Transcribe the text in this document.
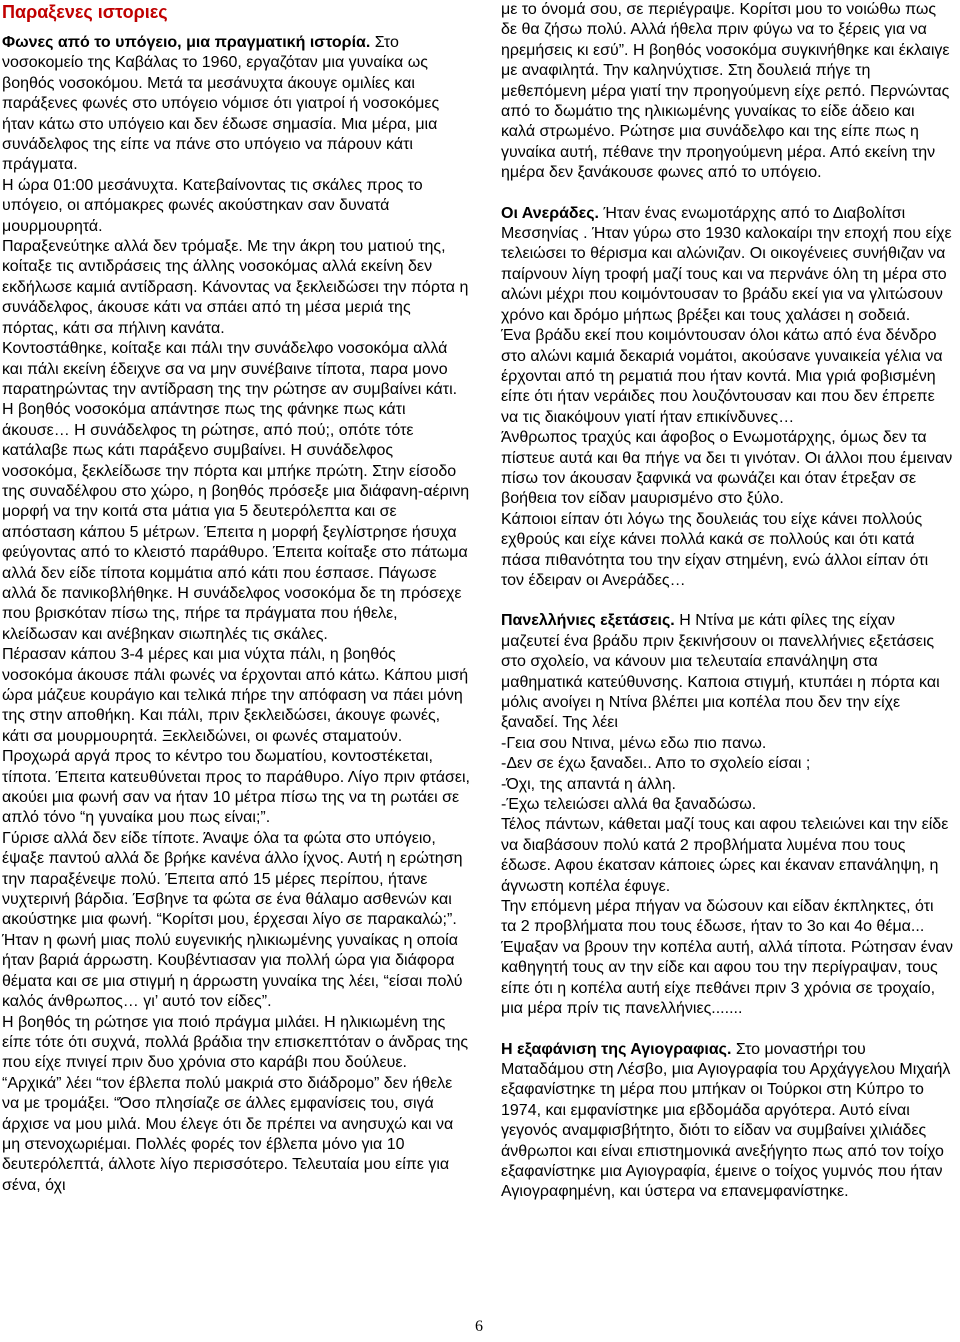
Παραξενες ιστοριες

Φωνες από το υπόγειο, μια πραγματική ιστορία. Στο νοσοκομείο της Καβάλας το 1960, εργαζόταν μια γυναίκα ως βοηθός νοσοκόμου. Μετά τα μεσάνυχτα άκουγε ομιλίες και παράξενες φωνές στο υπόγειο νόμισε ότι γιατροί ή νοσοκόμες ήταν κάτω στο υπόγειο και δεν έδωσε σημασία. Μια μέρα, μια συνάδελφος της είπε να πάνε στο υπόγειο να πάρουν κάτι πράγματα.

Η ώρα 01:00 μεσάνυχτα. Κατεβαίνοντας τις σκάλες προς το υπόγειο, οι απόμακρες φωνές ακούστηκαν σαν δυνατά μουρμουρητά.

Παραξενεύτηκε αλλά δεν τρόμαξε. Με την άκρη του ματιού της, κοίταξε τις αντιδράσεις της άλλης νοσοκόμας αλλά εκείνη δεν εκδήλωσε καμιά αντίδραση. Κάνοντας να ξεκλειδώσει την πόρτα η συνάδελφος, άκουσε κάτι να σπάει από τη μέσα μεριά της πόρτας, κάτι σα πήλινη κανάτα.

Κοντοστάθηκε, κοίταξε και πάλι την συνάδελφο νοσοκόμα αλλά και πάλι εκείνη έδειχνε σα να μην συνέβαινε τίποτα, παρα μονο παρατηρώντας την αντίδραση της την ρώτησε αν συμβαίνει κάτι.

Η βοηθός νοσοκόμα απάντησε πως της φάνηκε πως κάτι άκουσε… Η συνάδελφος τη ρώτησε, από πού;, οπότε τότε κατάλαβε πως κάτι παράξενο συμβαίνει. Η συνάδελφος νοσοκόμα, ξεκλείδωσε την πόρτα και μπήκε πρώτη. Στην είσοδο της συναδέλφου στο χώρο, η βοηθός πρόσεξε μια διάφανη-αέρινη μορφή να την κοιτά στα μάτια για 5 δευτερόλεπτα και σε απόσταση κάπου 5 μέτρων. Έπειτα η μορφή ξεγλίστρησε ήσυχα φεύγοντας από το κλειστό παράθυρο. Έπειτα κοίταξε στο πάτωμα αλλά δεν είδε τίποτα κομμάτια από κάτι που έσπασε. Πάγωσε αλλά δε πανικοβλήθηκε. Η συνάδελφος νοσοκόμα δε τη πρόσεχε που βρισκόταν πίσω της, πήρε τα πράγματα που ήθελε, κλείδωσαν και ανέβηκαν σιωπηλές τις σκάλες.

Πέρασαν κάπου 3-4 μέρες και μια νύχτα πάλι, η βοηθός νοσοκόμα άκουσε πάλι φωνές να έρχονται από κάτω. Κάπου μισή ώρα μάζευε κουράγιο και τελικά πήρε την απόφαση να πάει μόνη της στην αποθήκη. Και πάλι, πριν ξεκλειδώσει, άκουγε φωνές, κάτι σα μουρμουρητά. Ξεκλειδώνει, οι φωνές σταματούν. Προχωρά αργά προς το κέντρο του δωματίου, κοντοστέκεται, τίποτα. Έπειτα κατευθύνεται προς το παράθυρο. Λίγο πριν φτάσει, ακούει μια φωνή σαν να ήταν 10 μέτρα πίσω της να τη ρωτάει σε απλό τόνο “η γυναίκα μου πως είναι;”.

Γύρισε αλλά δεν είδε τίποτε. Άναψε όλα τα φώτα στο υπόγειο, έψαξε παντού αλλά δε βρήκε κανένα άλλο ίχνος. Αυτή η ερώτηση την παραξένεψε πολύ. Έπειτα από 15 μέρες περίπου, ήτανε νυχτερινή βάρδια. Έσβηνε τα φώτα σε ένα θάλαμο ασθενών και ακούστηκε μια φωνή. “Κορίτσι μου, έρχεσαι λίγο σε παρακαλώ;”.

Ήταν η φωνή μιας πολύ ευγενικής ηλικιωμένης γυναίκας η οποία ήταν βαριά άρρωστη. Κουβέντιασαν για πολλή ώρα για διάφορα θέματα και σε μια στιγμή η άρρωστη γυναίκα της λέει, “είσαι πολύ καλός άνθρωπος… γι’ αυτό τον είδες”.

Η βοηθός τη ρώτησε για ποιό πράγμα μιλάει. Η ηλικιωμένη της είπε τότε ότι συχνά, πολλά βράδια την επισκεπτόταν ο άνδρας της που είχε πνιγεί πριν δυο χρόνια στο καράβι που δούλευε. “Αρχικά” λέει “τον έβλεπα πολύ μακριά στο διάδρομο” δεν ήθελε να με τρομάξει. “Όσο πλησίαζε σε άλλες εμφανίσεις του, σιγά άρχισε να μου μιλά. Μου έλεγε ότι δε πρέπει να ανησυχώ και να μη στενοχωριέμαι. Πολλές φορές τον έβλεπα μόνο για 10 δευτερόλεπτά, άλλοτε λίγο περισσότερο. Τελευταία μου είπε για σένα, όχι

με το όνομά σου, σε περιέγραψε. Κορίτσι μου το νοιώθω πως δε θα ζήσω πολύ. Αλλά ήθελα πριν φύγω να το ξέρεις για να ηρεμήσεις κι εσύ”. Η βοηθός νοσοκόμα συγκινήθηκε και έκλαιγε με αναφιλητά. Την καληνύχτισε. Στη δουλειά πήγε τη μεθεπόμενη μέρα γιατί την προηγούμενη είχε ρεπό. Περνώντας από το δωμάτιο της ηλικιωμένης γυναίκας το είδε άδειο και καλά στρωμένο. Ρώτησε μια συνάδελφο και της είπε πως η γυναίκα αυτή, πέθανε την προηγούμενη μέρα. Από εκείνη την ημέρα δεν ξανάκουσε φωνες από το υπόγειο.

Οι Ανεράδες. Ήταν ένας ενωμοτάρχης από το Διαβολίτσι Μεσσηνίας . Ήταν γύρω στο 1930 καλοκαίρι την εποχή που είχε τελειώσει το θέρισμα και αλώνιζαν. Οι οικογένειες συνήθιζαν να παίρνουν λίγη τροφή μαζί τους και να περνάνε όλη τη μέρα στο αλώνι μέχρι που κοιμόντουσαν το βράδυ εκεί για να γλιτώσουν χρόνο και δρόμο μήπως βρέξει και τους χαλάσει η σοδειά.

Ένα βράδυ εκεί που κοιμόντουσαν όλοι κάτω από ένα δένδρο στο αλώνι καμιά δεκαριά νομάτοι, ακούσανε γυναικεία γέλια να έρχονται από τη ρεματιά που ήταν κοντά. Μια γριά φοβισμένη είπε ότι ήταν νεράιδες που λουζόντουσαν και που δεν έπρεπε να τις διακόψουν γιατί ήταν επικίνδυνες…

Άνθρωπος τραχύς και άφοβος ο Ενωμοτάρχης, όμως δεν τα πίστευε αυτά και θα πήγε να δει τι γινόταν. Οι άλλοι που έμειναν πίσω τον άκουσαν ξαφνικά να φωνάζει και όταν έτρεξαν σε βοήθεια τον είδαν μαυρισμένο στο ξύλο.

Κάποιοι είπαν ότι λόγω της δουλειάς του είχε κάνει πολλούς εχθρούς και είχε κάνει πολλά κακά σε πολλούς και ότι κατά πάσα πιθανότητα του την είχαν στημένη, ενώ άλλοι είπαν ότι τον έδειραν οι Ανεράδες…

Πανελλήνιες εξετάσεις. Η Ντίνα με κάτι φίλες της είχαν μαζευτεί ένα βράδυ πριν ξεκινήσουν οι πανελλήνιες εξετάσεις στο σχολείο, να κάνουν μια τελευταία επανάληψη στα μαθηματικά κατεύθυνσης. Καποια στιγμή, κτυπάει η πόρτα και μόλις ανοίγει η Ντίνα βλέπει μια κοπέλα που δεν την είχε ξαναδεί. Της λέει

-Γεια σου Ντινα, μένω εδω πιο πανω.

-Δεν σε έχω ξαναδει.. Απο το σχολείο είσαι ;

-Όχι, της απαντά η άλλη.

-Έχω τελειώσει αλλά θα ξαναδώσω.

Τέλος πάντων, κάθεται μαζί τους και αφου τελειώνει και την είδε να διαβάσουν πολύ κατά 2 προβλήματα λυμένα που τους έδωσε. Αφου έκατσαν κάποιες ώρες και έκαναν επανάληψη, η άγνωστη κοπέλα έφυγε.

Την επόμενη μέρα πήγαν να δώσουν και είδαν έκπληκτες, ότι τα 2 προβλήματα που τους έδωσε, ήταν το 3ο και 4ο θέμα... Έψαξαν να βρουν την κοπέλα αυτή, αλλά τίποτα. Ρώτησαν έναν καθηγητή τους αν την είδε και αφου του την περίγραψαν, τους είπε ότι η κοπέλα αυτή είχε πεθάνει πριν 3 χρόνια σε τροχαίο, μια μέρα πρίν τις πανελλήνιες.......

Η εξαφάνιση της Αγιογραφιας. Στο μοναστήρι του Ματαδάμου στη Λέσβο, μια Αγιογραφία του Αρχάγγελου Μιχαήλ εξαφανίστηκε τη μέρα που μπήκαν οι Τούρκοι στη Κύπρο το 1974, και εμφανίστηκε μια εβδομάδα αργότερα. Αυτό είναι γεγονός αναμφισβήτητο, διότι το είδαν να συμβαίνει χιλιάδες άνθρωποι και είναι επιστημονικά ανεξήγητο πως από τον τοίχο εξαφανίστηκε μια Αγιογραφία, έμεινε ο τοίχος γυμνός που ήταν Αγιογραφημένη, και ύστερα να επανεμφανίστηκε.

6
